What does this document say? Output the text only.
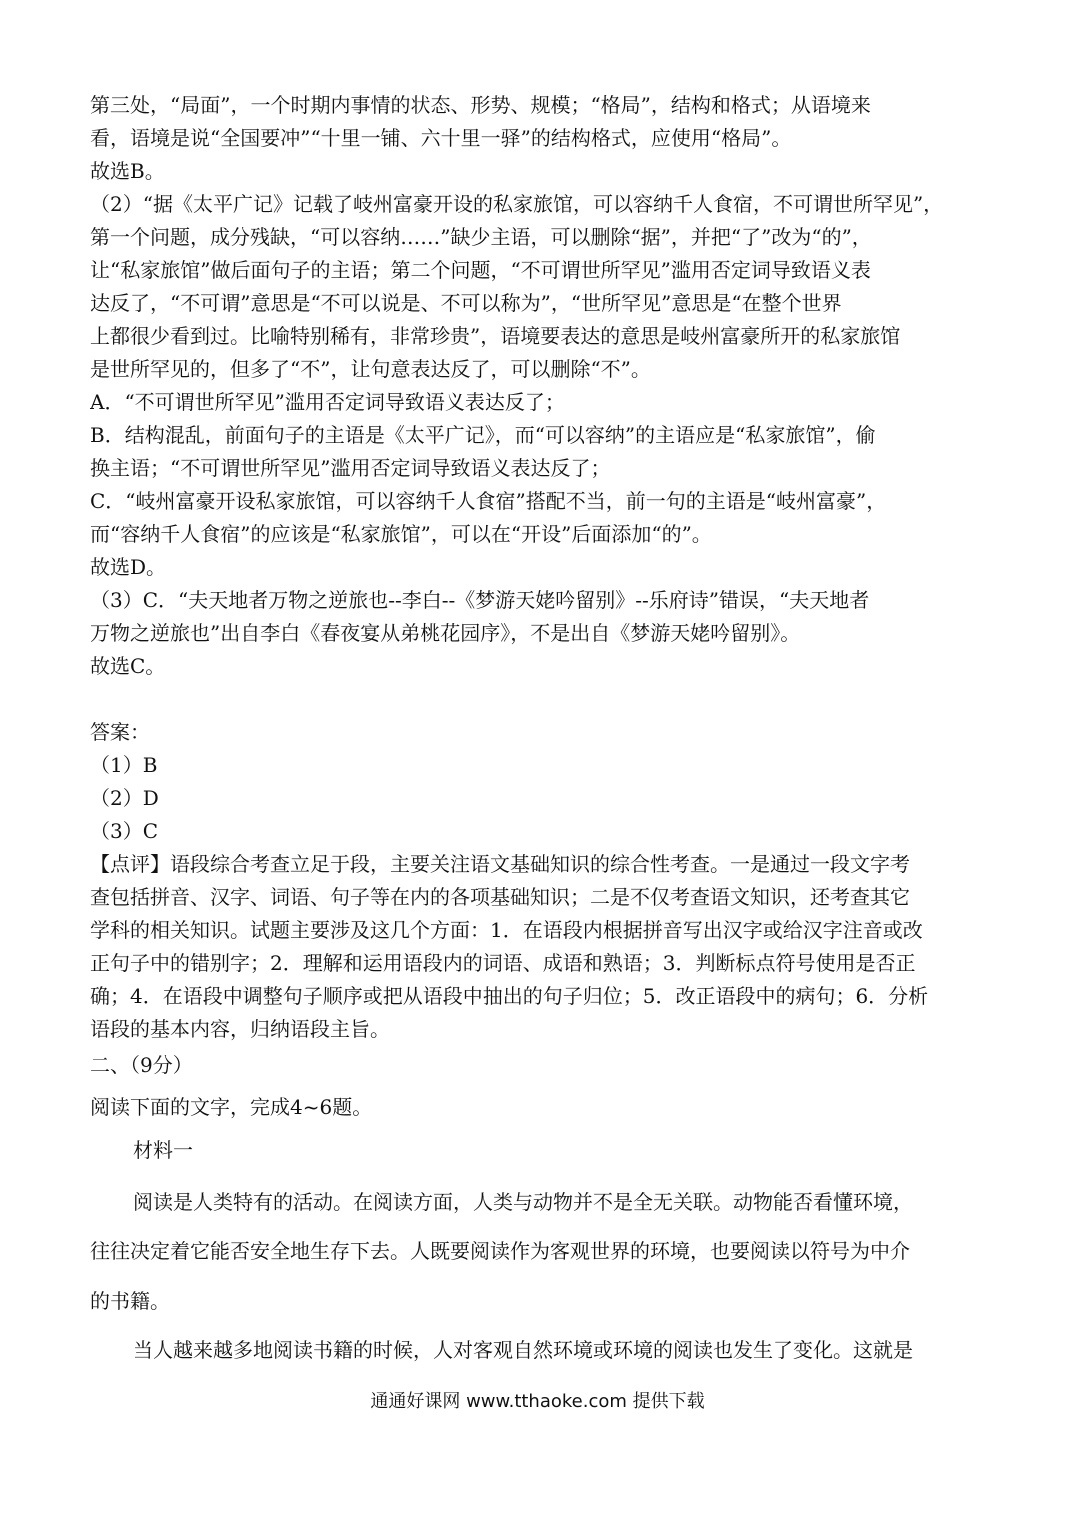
第三处，“局面”，一个时期内事情的状态、形势、规模；“格局”，结构和格式；从语境来
看，语境是说“全国要冲”“十里一铺、六十里一驿”的结构格式，应使用“格局”。
故选B。
（2）“据《太平广记》记载了岐州富豪开设的私家旅馆，可以容纳千人食宿，不可谓世所罕见”，
第一个问题，成分残缺，“可以容纳……”缺少主语，可以删除“据”，并把“了”改为“的”，
让“私家旅馆”做后面句子的主语；第二个问题，“不可谓世所罕见”滥用否定词导致语义表
达反了，“不可谓”意思是“不可以说是、不可以称为”，“世所罕见”意思是“在整个世界
上都很少看到过。比喻特别稀有，非常珍贵”，语境要表达的意思是岐州富豪所开的私家旅馆
是世所罕见的，但多了“不”，让句意表达反了，可以删除“不”。
A．“不可谓世所罕见”滥用否定词导致语义表达反了；
B．结构混乱，前面句子的主语是《太平广记》，而“可以容纳”的主语应是“私家旅馆”，偷
换主语；“不可谓世所罕见”滥用否定词导致语义表达反了；
C．“岐州富豪开设私家旅馆，可以容纳千人食宿”搭配不当，前一句的主语是“岐州富豪”，
而“容纳千人食宿”的应该是“私家旅馆”，可以在“开设”后面添加“的”。
故选D。
（3）C．“夫天地者万物之逆旅也--李白--《梦游天姥吟留别》--乐府诗”错误，“夫天地者
万物之逆旅也”出自李白《春夜宴从弟桃花园序》，不是出自《梦游天姥吟留别》。
故选C。
答案：
（1）B
（2）D
（3）C
【点评】语段综合考查立足于段，主要关注语文基础知识的综合性考查。一是通过一段文字考
查包括拼音、汉字、词语、句子等在内的各项基础知识；二是不仅考查语文知识，还考查其它
学科的相关知识。试题主要涉及这几个方面：1．在语段内根据拼音写出汉字或给汉字注音或改
正句子中的错别字；2．理解和运用语段内的词语、成语和熟语；3．判断标点符号使用是否正
确；4．在语段中调整句子顺序或把从语段中抽出的句子归位；5．改正语段中的病句；6．分析
语段的基本内容，归纳语段主旨。
二、（9分）
阅读下面的文字，完成4~6题。
材料一
阅读是人类特有的活动。在阅读方面，人类与动物并不是全无关联。动物能否看懂环境，
往往决定着它能否安全地生存下去。人既要阅读作为客观世界的环境，也要阅读以符号为中介
的书籍。
当人越来越多地阅读书籍的时候，人对客观自然环境或环境的阅读也发生了变化。这就是
通通好课网 www.tthaoke.com 提供下载
